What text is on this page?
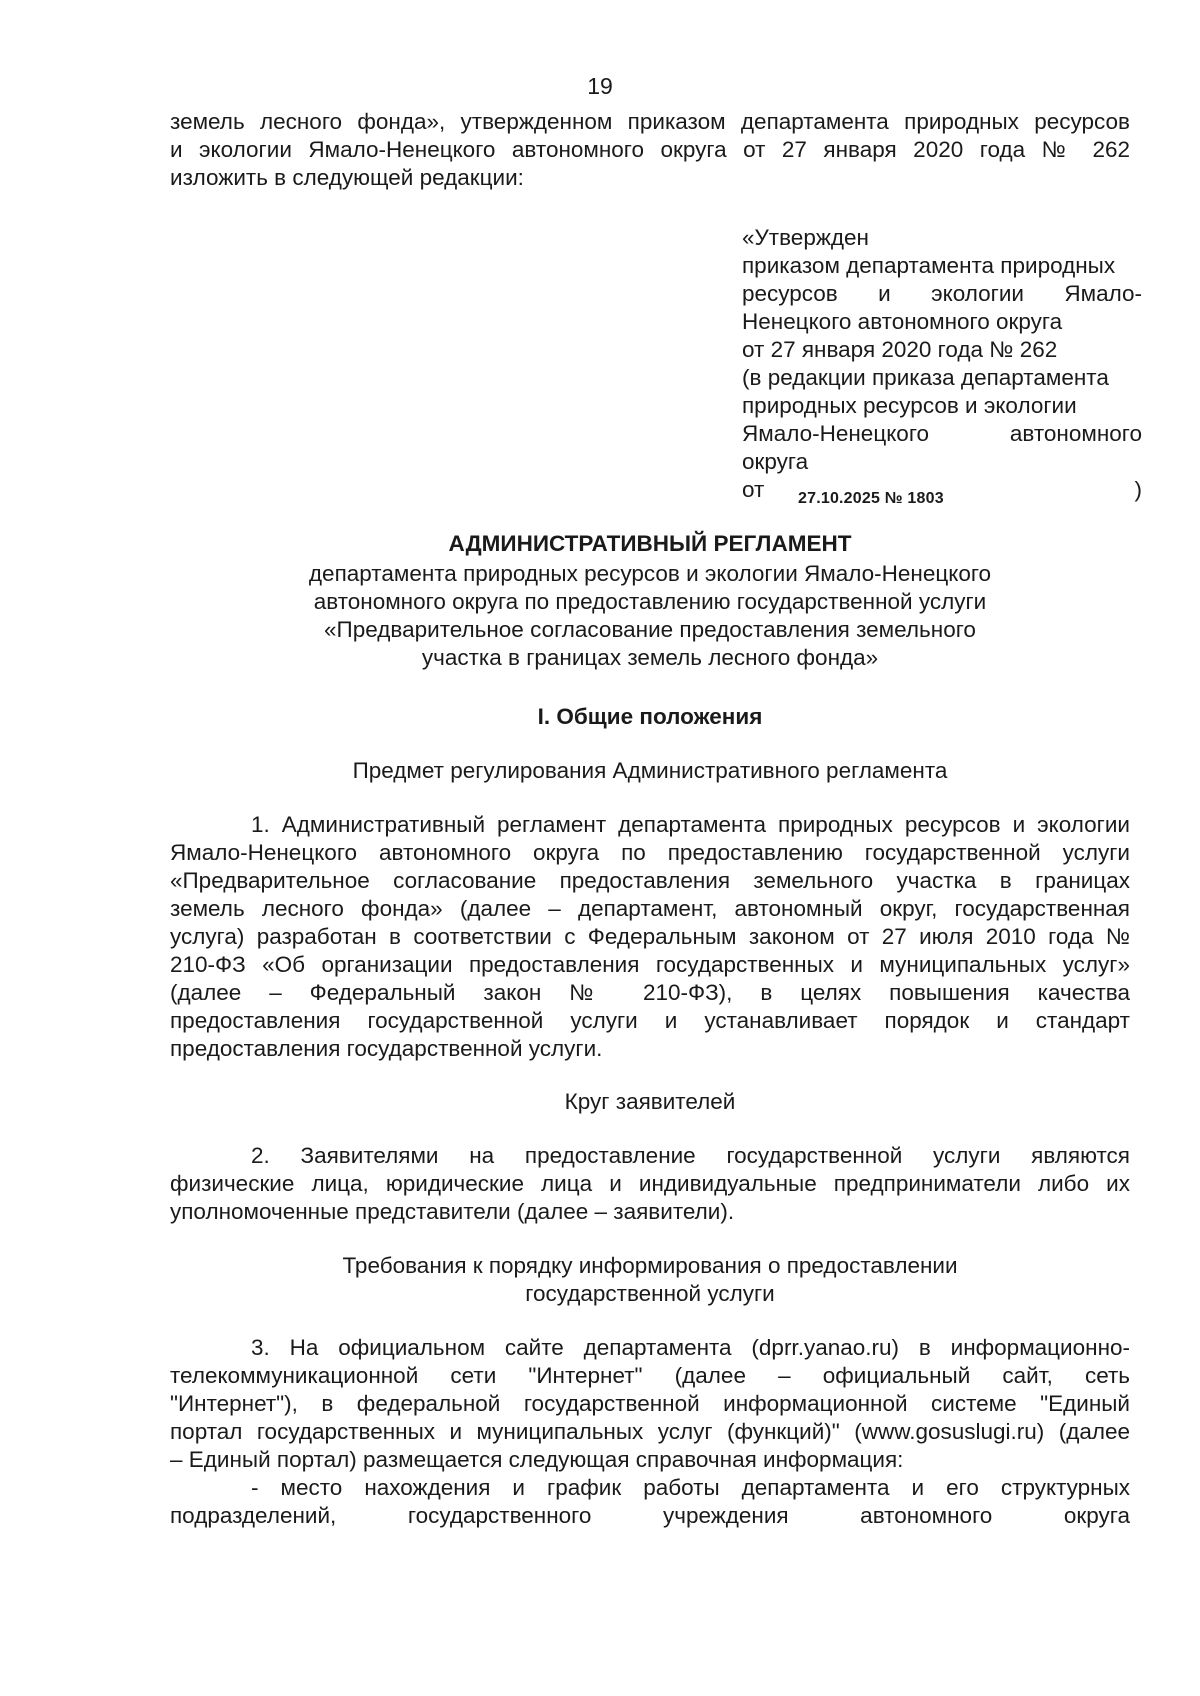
19
земель лесного фонда», утвержденном приказом департамента природных ресурсов
и экологии Ямало-Ненецкого автономного округа от 27 января 2020 года № 262
изложить в следующей редакции:
«Утвержден
приказом департамента природных
ресурсов и экологии Ямало-
Ненецкого автономного округа
от 27 января 2020 года № 262
(в редакции приказа департамента
природных ресурсов и экологии
Ямало-Ненецкого автономного
округа
от 27.10.2025 № 1803	)
АДМИНИСТРАТИВНЫЙ РЕГЛАМЕНТ
департамента природных ресурсов и экологии Ямало-Ненецкого
автономного округа по предоставлению государственной услуги
«Предварительное согласование предоставления земельного
участка в границах земель лесного фонда»
I. Общие положения
Предмет регулирования Административного регламента
1. Административный регламент департамента природных ресурсов и экологии
Ямало-Ненецкого автономного округа по предоставлению государственной услуги
«Предварительное согласование предоставления земельного участка в границах
земель лесного фонда» (далее – департамент, автономный округ, государственная
услуга) разработан в соответствии с Федеральным законом от 27 июля 2010 года №
210-ФЗ «Об организации предоставления государственных и муниципальных услуг»
(далее – Федеральный закон № 210-ФЗ), в целях повышения качества
предоставления государственной услуги и устанавливает порядок и стандарт
предоставления государственной услуги.
Круг заявителей
2. Заявителями на предоставление государственной услуги являются
физические лица, юридические лица и индивидуальные предприниматели либо их
уполномоченные представители (далее – заявители).
Требования к порядку информирования о предоставлении
государственной услуги
3. На официальном сайте департамента (dprr.yanao.ru) в информационно-
телекоммуникационной сети "Интернет" (далее – официальный сайт, сеть
"Интернет"), в федеральной государственной информационной системе "Единый
портал государственных и муниципальных услуг (функций)" (www.gosuslugi.ru) (далее
– Единый портал) размещается следующая справочная информация:
- место нахождения и график работы департамента и его структурных
подразделений, государственного учреждения автономного округа
